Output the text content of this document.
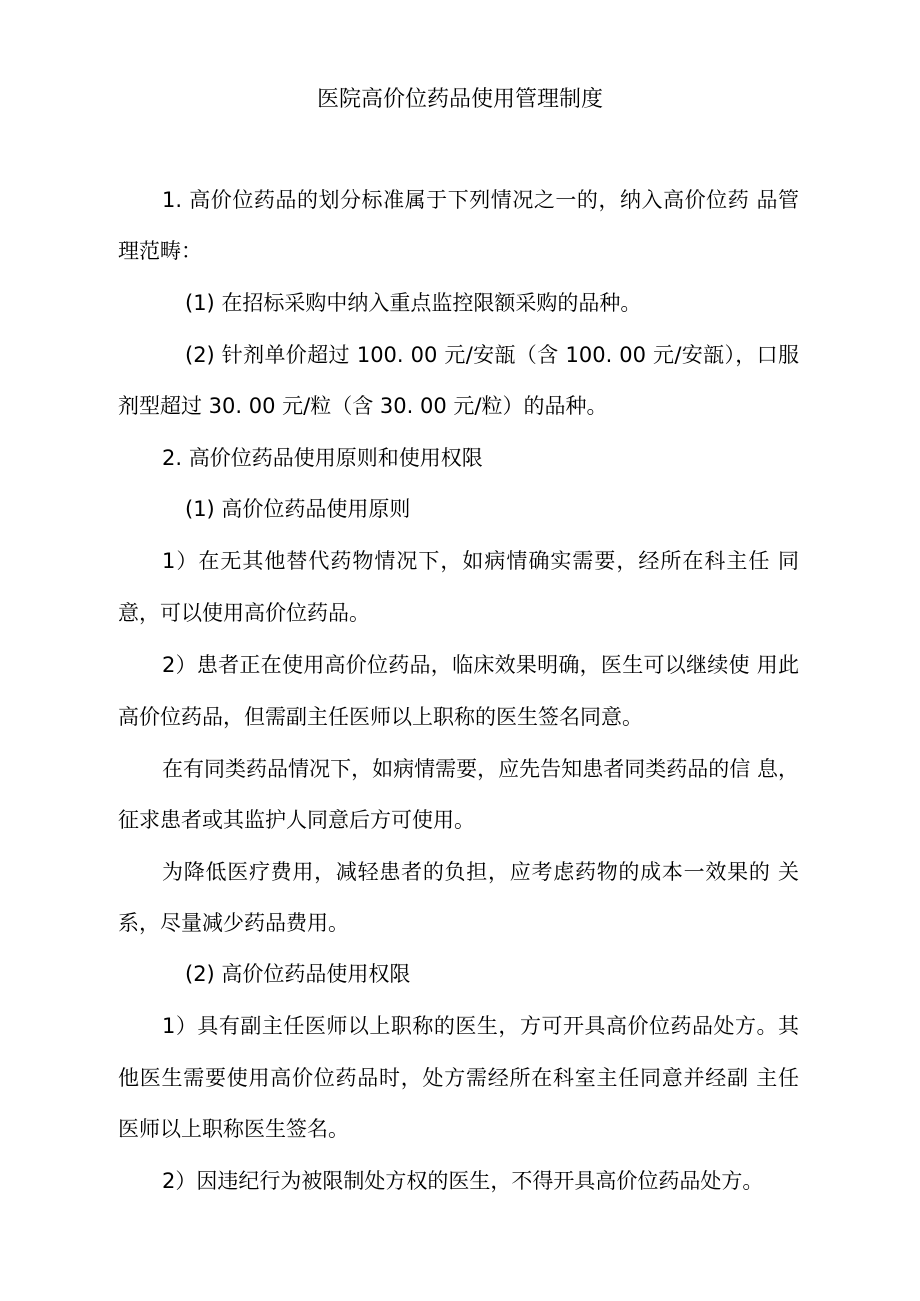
医院高价位药品使用管理制度
1. 高价位药品的划分标准属于下列情况之一的，纳入高价位药 品管
理范畴：
(1) 在招标采购中纳入重点监控限额采购的品种。
(2) 针剂单价超过 100. 00 元/安瓿（含 100. 00 元/安瓿），口服
剂型超过 30. 00 元/粒（含 30. 00 元/粒）的品种。
2. 高价位药品使用原则和使用权限
(1) 高价位药品使用原则
1）在无其他替代药物情况下，如病情确实需要，经所在科主任 同
意，可以使用高价位药品。
2）患者正在使用高价位药品，临床效果明确，医生可以继续使 用此
高价位药品，但需副主任医师以上职称的医生签名同意。
在有同类药品情况下，如病情需要，应先告知患者同类药品的信 息，
征求患者或其监护人同意后方可使用。
为降低医疗费用，减轻患者的负担，应考虑药物的成本一效果的 关
系，尽量减少药品费用。
(2) 高价位药品使用权限
1）具有副主任医师以上职称的医生，方可开具高价位药品处方。其
他医生需要使用高价位药品时，处方需经所在科室主任同意并经副 主任
医师以上职称医生签名。
2）因违纪行为被限制处方权的医生，不得开具高价位药品处方。
